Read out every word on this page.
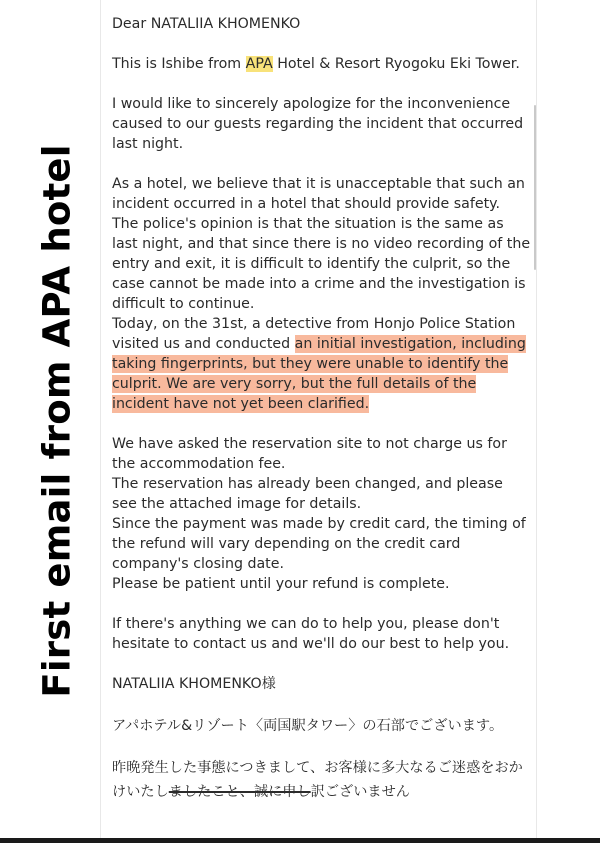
First email from APA hotel

Dear NATALIIA KHOMENKO

This is Ishibe from APA Hotel & Resort Ryogoku Eki Tower.

I would like to sincerely apologize for the inconvenience caused to our guests regarding the incident that occurred last night.

As a hotel, we believe that it is unacceptable that such an incident occurred in a hotel that should provide safety.

The police's opinion is that the situation is the same as last night, and that since there is no video recording of the entry and exit, it is difficult to identify the culprit, so the case cannot be made into a crime and the investigation is difficult to continue.

Today, on the 31st, a detective from Honjo Police Station visited us and conducted an initial investigation, including taking fingerprints, but they were unable to identify the culprit. We are very sorry, but the full details of the incident have not yet been clarified.

We have asked the reservation site to not charge us for the accommodation fee.

The reservation has already been changed, and please see the attached image for details.

Since the payment was made by credit card, the timing of the refund will vary depending on the credit card company's closing date.

Please be patient until your refund is complete.

If there's anything we can do to help you, please don't hesitate to contact us and we'll do our best to help you.

NATALIIA KHOMENKO様

アパホテル&リゾート〈両国駅タワー〉の石部でございます。

昨晩発生した事態につきまして、お客様に多大なるご迷惑をおかけいたしましたこと、誠に申し訳ございません
